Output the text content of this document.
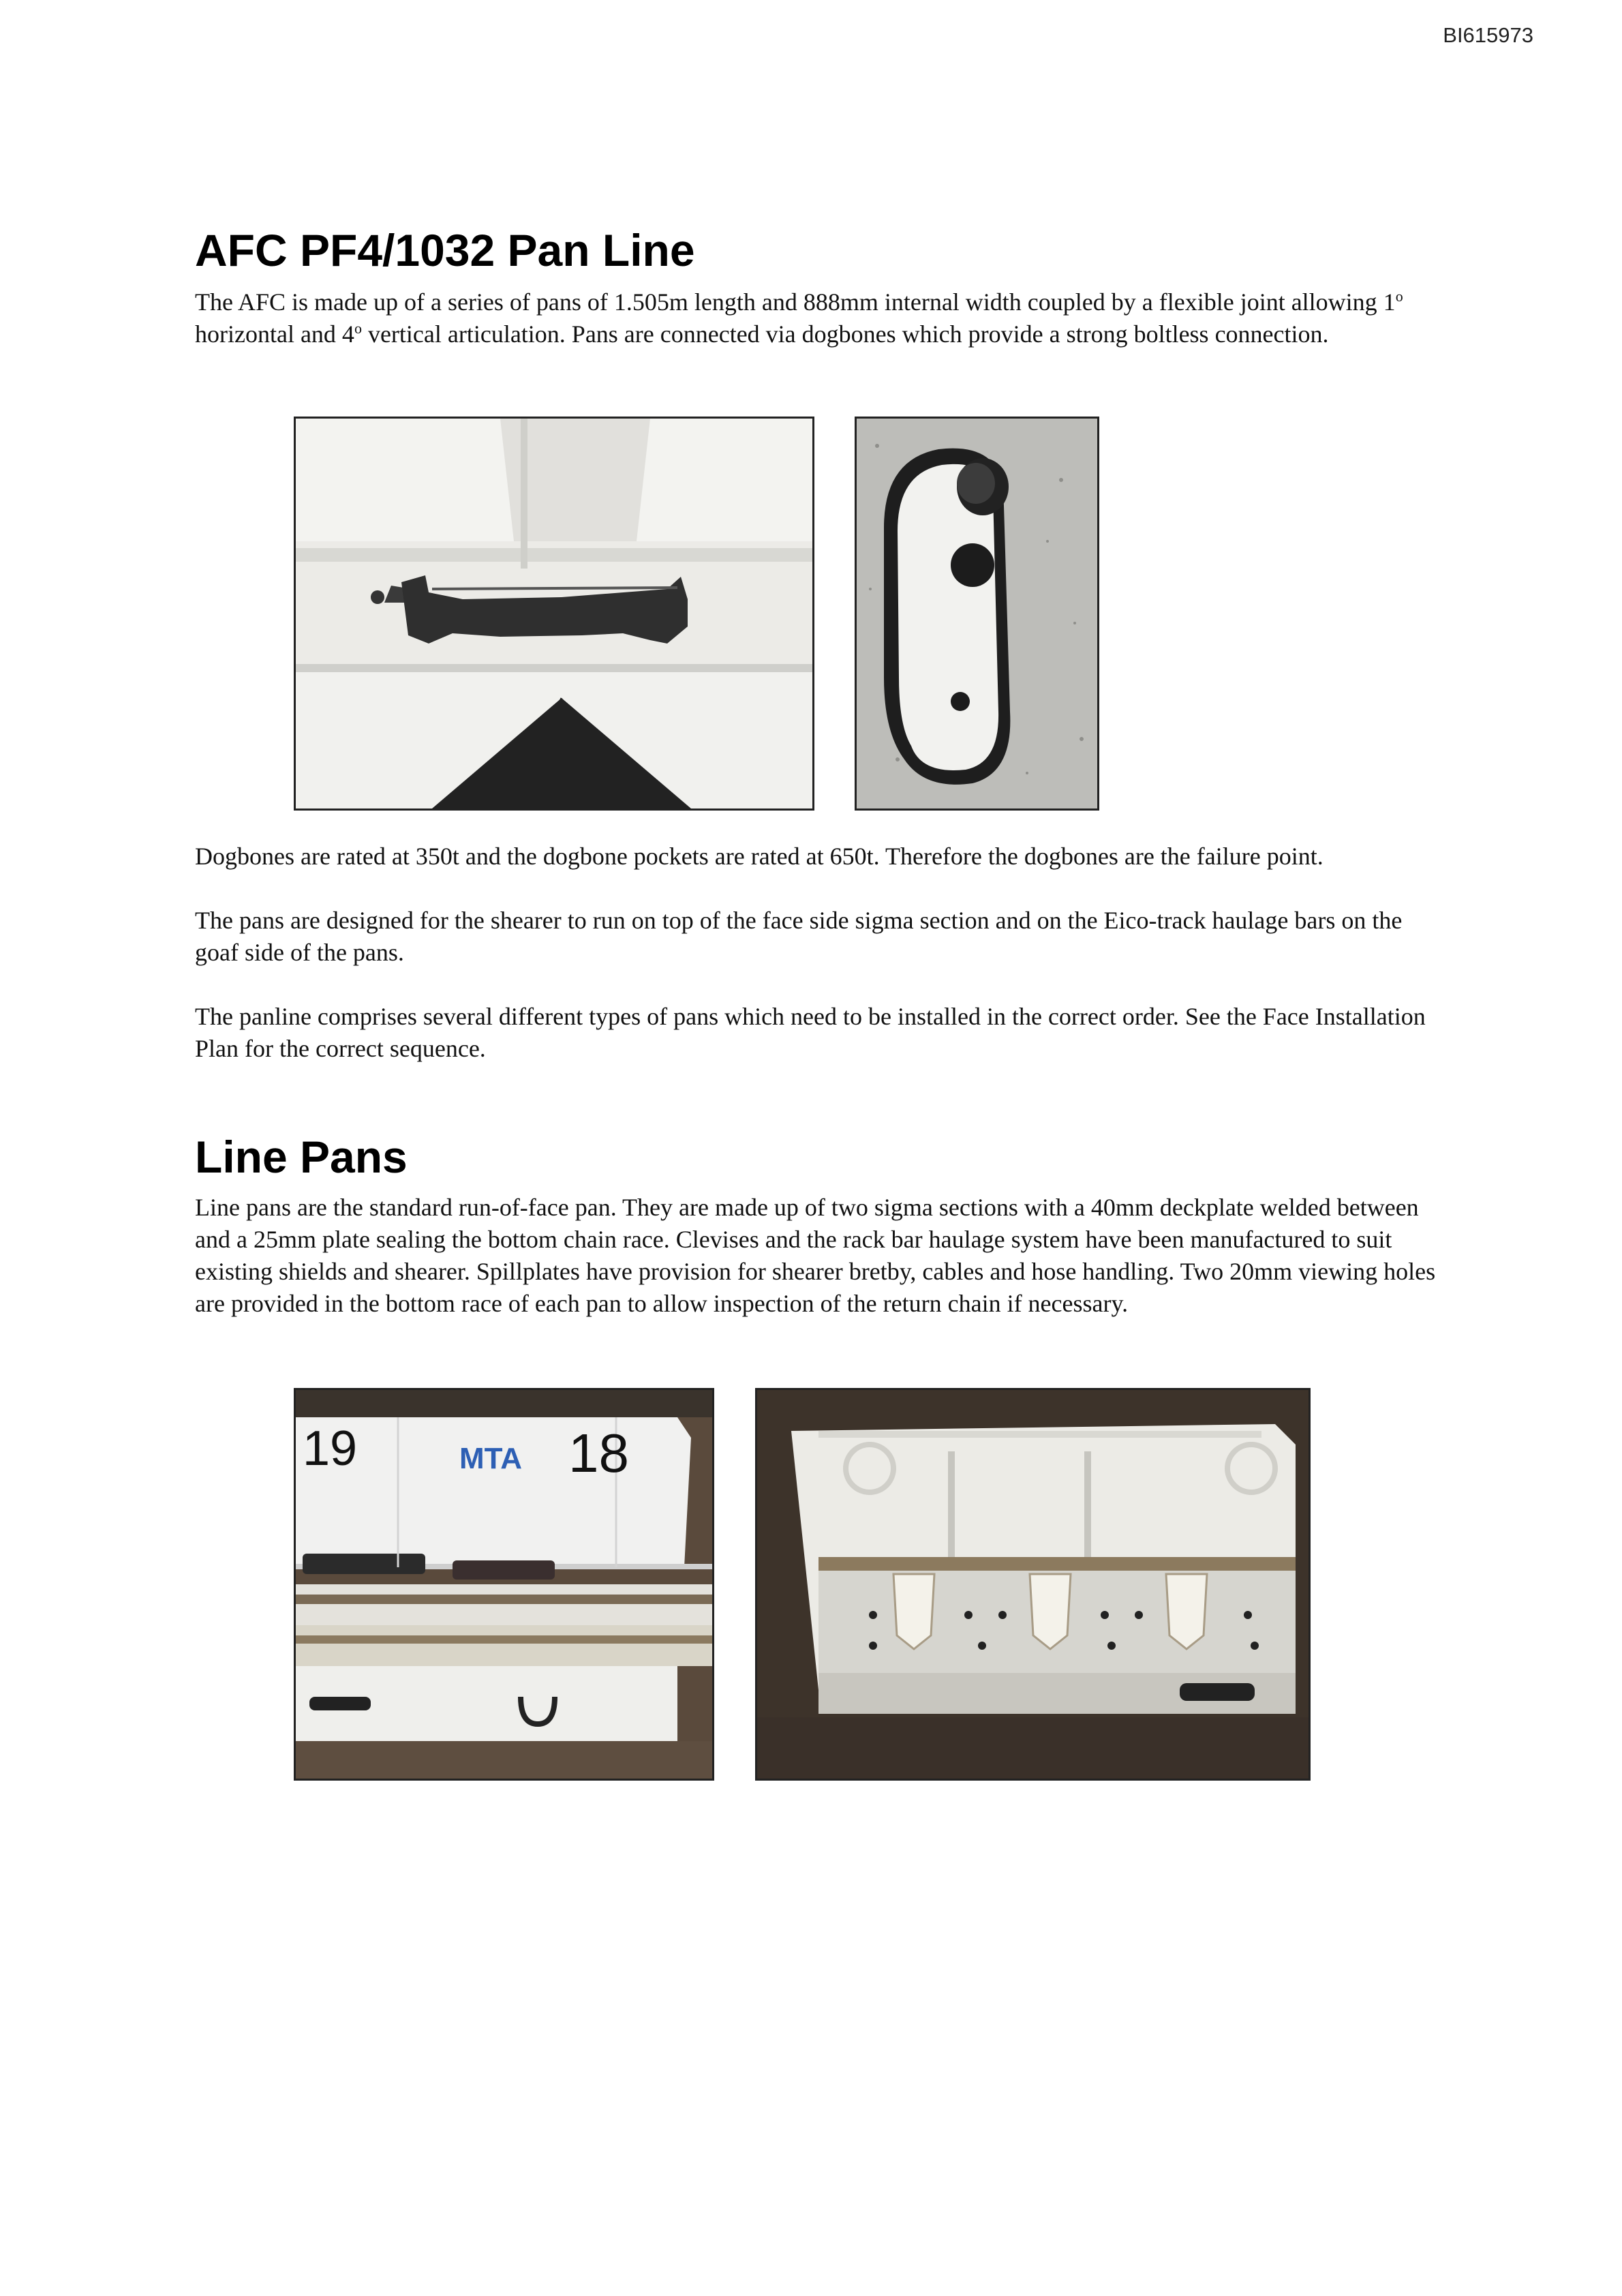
BI615973
AFC PF4/1032 Pan Line

The AFC is made up of a series of pans of 1.505m length and 888mm internal width coupled by a flexible joint allowing 1$^o$ horizontal and 4$^o$ vertical articulation. Pans are connected via dogbones which provide a strong boltless connection.

Dogbones are rated at 350t and the dogbone pockets are rated at 650t. Therefore the dogbones are the failure point.

The pans are designed for the shearer to run on top of the face side sigma section and on the Eico-track haulage bars on the goaf side of the pans.

The panline comprises several different types of pans which need to be installed in the correct order. See the Face Installation Plan for the correct sequence.

Line Pans

Line pans are the standard run-of-face pan. They are made up of two sigma sections with a 40mm deckplate welded between and a 25mm plate sealing the bottom chain race. Clevises and the rack bar haulage system have been manufactured to suit existing shields and shearer. Spillplates have provision for shearer bretby, cables and hose handling. Two 20mm viewing holes are provided in the bottom race of each pan to allow inspection of the return chain if necessary.

19	MTA 18
